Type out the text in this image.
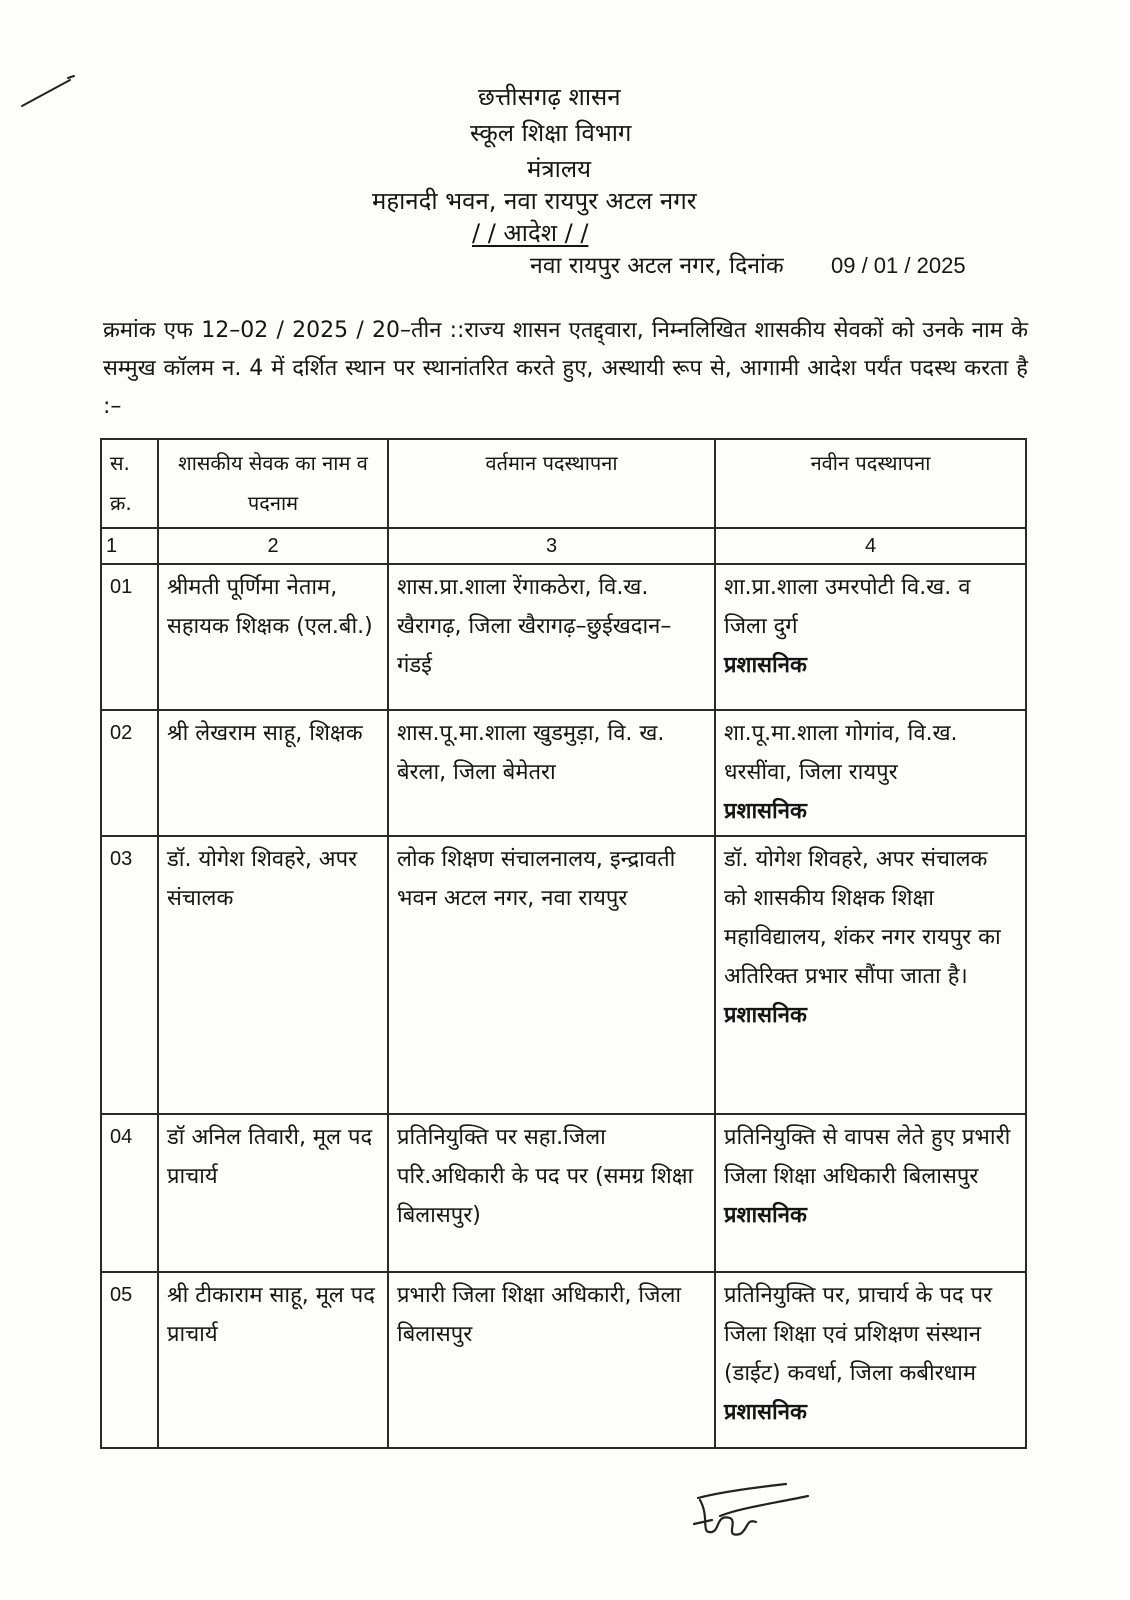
छत्तीसगढ़ शासन
स्कूल शिक्षा विभाग
मंत्रालय
महानदी भवन, नवा रायपुर अटल नगर
/ / आदेश / /
नवा रायपुर अटल नगर, दिनांक 09 / 01 / 2025
क्रमांक एफ 12–02 / 2025 / 20–तीन ::राज्य शासन एतद्द्वारा, निम्नलिखित शासकीय सेवकों को उनके नाम के सम्मुख कॉलम न. 4 में दर्शित स्थान पर स्थानांतरित करते हुए, अस्थायी रूप से, आगामी आदेश पर्यंत पदस्थ करता है :–
स. क्र.	शासकीय सेवक का नाम व पदनाम	वर्तमान पदस्थापना	नवीन पदस्थापना
1	2	3	4
01	श्रीमती पूर्णिमा नेताम, सहायक शिक्षक (एल.बी.)	शास.प्रा.शाला रेंगाकठेरा, वि.ख. खैरागढ़, जिला खैरागढ़–छुईखदान–गंडई	शा.प्रा.शाला उमरपोटी वि.ख. व जिला दुर्ग
प्रशासनिक

02	श्री लेखराम साहू, शिक्षक	शास.पू.मा.शाला खुडमुड़ा, वि. ख. बेरला, जिला बेमेतरा	शा.पू.मा.शाला गोगांव, वि.ख. धरसींवा, जिला रायपुर
प्रशासनिक

03	डॉ. योगेश शिवहरे, अपर संचालक	लोक शिक्षण संचालनालय, इन्द्रावती भवन अटल नगर, नवा रायपुर	डॉ. योगेश शिवहरे, अपर संचालक को शासकीय शिक्षक शिक्षा महाविद्यालय, शंकर नगर रायपुर का अतिरिक्त प्रभार सौंपा जाता है।
प्रशासनिक

04	डॉ अनिल तिवारी, मूल पद प्राचार्य	प्रतिनियुक्ति पर सहा.जिला परि.अधिकारी के पद पर (समग्र शिक्षा बिलासपुर)	प्रतिनियुक्ति से वापस लेते हुए प्रभारी जिला शिक्षा अधिकारी बिलासपुर
प्रशासनिक

05	श्री टीकाराम साहू, मूल पद प्राचार्य	प्रभारी जिला शिक्षा अधिकारी, जिला बिलासपुर	प्रतिनियुक्ति पर, प्राचार्य के पद पर जिला शिक्षा एवं प्रशिक्षण संस्थान (डाईट) कवर्धा, जिला कबीरधाम
प्रशासनिक
